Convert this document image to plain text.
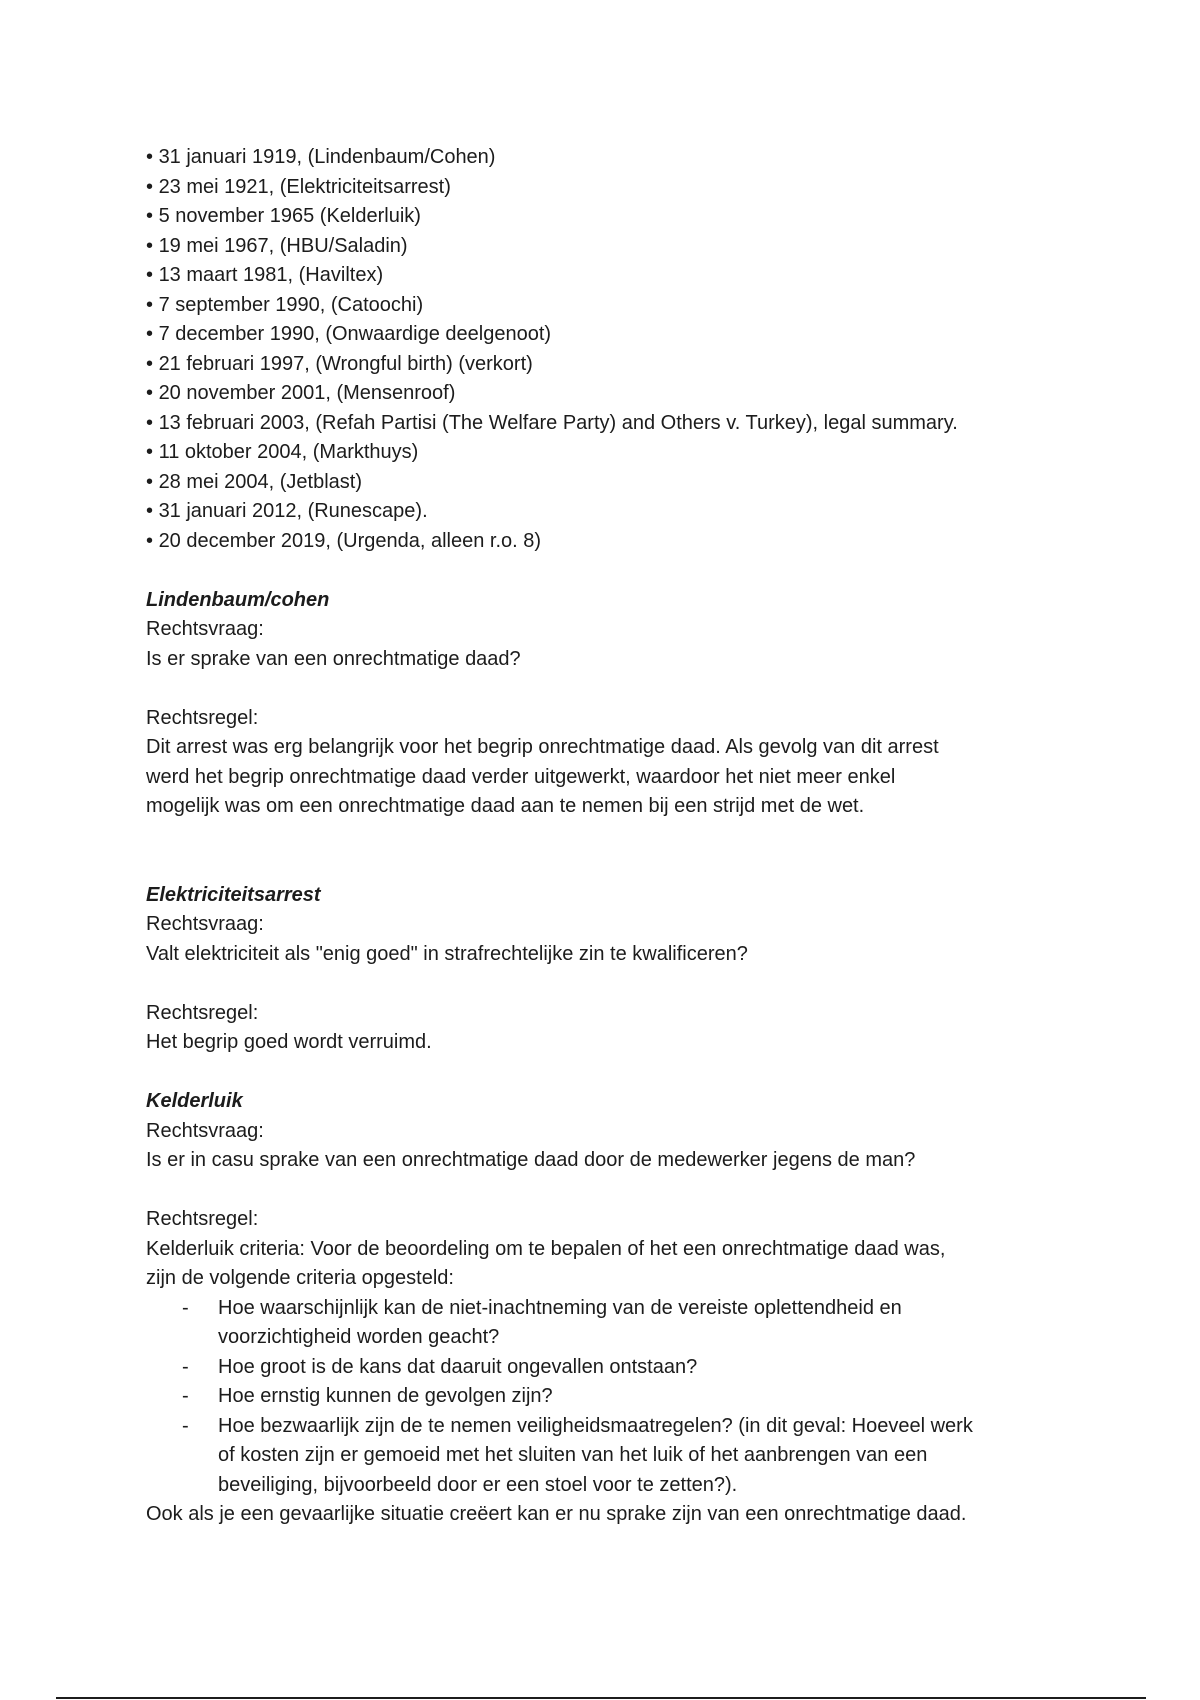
• 31 januari 1919, (Lindenbaum/Cohen)
• 23 mei 1921, (Elektriciteitsarrest)
• 5 november 1965 (Kelderluik)
• 19 mei 1967, (HBU/Saladin)
• 13 maart 1981, (Haviltex)
• 7 september 1990, (Catoochi)
• 7 december 1990, (Onwaardige deelgenoot)
• 21 februari 1997, (Wrongful birth) (verkort)
• 20 november 2001, (Mensenroof)
• 13 februari 2003, (Refah Partisi (The Welfare Party) and Others v. Turkey), legal summary.
• 11 oktober 2004, (Markthuys)
• 28 mei 2004, (Jetblast)
• 31 januari 2012, (Runescape).
• 20 december 2019, (Urgenda, alleen r.o. 8)
Lindenbaum/cohen
Rechtsvraag:
Is er sprake van een onrechtmatige daad?
Rechtsregel:
Dit arrest was erg belangrijk voor het begrip onrechtmatige daad. Als gevolg van dit arrest
werd het begrip onrechtmatige daad verder uitgewerkt, waardoor het niet meer enkel
mogelijk was om een onrechtmatige daad aan te nemen bij een strijd met de wet.
Elektriciteitsarrest
Rechtsvraag:
Valt elektriciteit als "enig goed" in strafrechtelijke zin te kwalificeren?
Rechtsregel:
Het begrip goed wordt verruimd.
Kelderluik
Rechtsvraag:
Is er in casu sprake van een onrechtmatige daad door de medewerker jegens de man?
Rechtsregel:
Kelderluik criteria: Voor de beoordeling om te bepalen of het een onrechtmatige daad was,
zijn de volgende criteria opgesteld:
- Hoe waarschijnlijk kan de niet-inachtneming van de vereiste oplettendheid en
voorzichtigheid worden geacht?
- Hoe groot is de kans dat daaruit ongevallen ontstaan?
- Hoe ernstig kunnen de gevolgen zijn?
- Hoe bezwaarlijk zijn de te nemen veiligheidsmaatregelen? (in dit geval: Hoeveel werk
of kosten zijn er gemoeid met het sluiten van het luik of het aanbrengen van een
beveiliging, bijvoorbeeld door er een stoel voor te zetten?).
Ook als je een gevaarlijke situatie creëert kan er nu sprake zijn van een onrechtmatige daad.
